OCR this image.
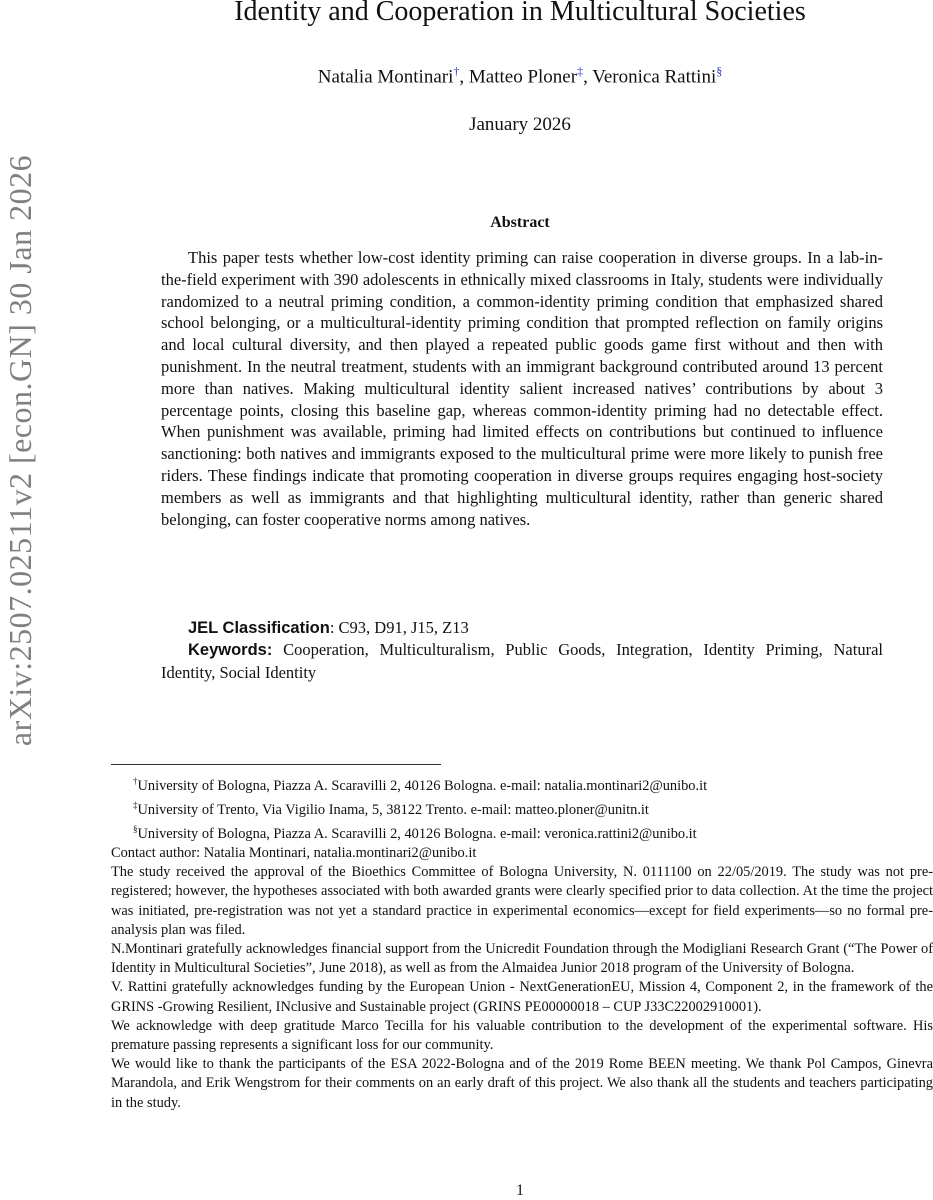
arXiv:2507.02511v2 [econ.GN] 30 Jan 2026
Identity and Cooperation in Multicultural Societies
Natalia Montinari†, Matteo Ploner‡, Veronica Rattini§
January 2026
Abstract

This paper tests whether low-cost identity priming can raise cooperation in diverse groups. In a lab-in-the-field experiment with 390 adolescents in ethnically mixed classrooms in Italy, students were individually randomized to a neutral priming condition, a common-identity priming condition that emphasized shared school belonging, or a multicultural-identity priming condition that prompted reflection on family origins and local cultural diversity, and then played a repeated public goods game first without and then with punishment. In the neutral treatment, students with an immigrant background contributed around 13 percent more than natives. Making multicultural identity salient increased natives’ contributions by about 3 percentage points, closing this baseline gap, whereas common-identity priming had no detectable effect. When punishment was available, priming had limited effects on contributions but continued to influence sanctioning: both natives and immigrants exposed to the multicultural prime were more likely to punish free riders. These findings indicate that promoting cooperation in diverse groups requires engaging host-society members as well as immigrants and that highlighting multicultural identity, rather than generic shared belonging, can foster cooperative norms among natives.

JEL Classification: C93, D91, J15, Z13

Keywords: Cooperation, Multiculturalism, Public Goods, Integration, Identity Priming, Natural Identity, Social Identity

†University of Bologna, Piazza A. Scaravilli 2, 40126 Bologna. e-mail: natalia.montinari2@unibo.it
‡University of Trento, Via Vigilio Inama, 5, 38122 Trento. e-mail: matteo.ploner@unitn.it
§University of Bologna, Piazza A. Scaravilli 2, 40126 Bologna. e-mail: veronica.rattini2@unibo.it
Contact author: Natalia Montinari, natalia.montinari2@unibo.it
The study received the approval of the Bioethics Committee of Bologna University, N. 0111100 on 22/05/2019. The study was not pre-registered; however, the hypotheses associated with both awarded grants were clearly specified prior to data collection. At the time the project was initiated, pre-registration was not yet a standard practice in experimental economics—except for field experiments—so no formal pre-analysis plan was filed.
N.Montinari gratefully acknowledges financial support from the Unicredit Foundation through the Modigliani Research Grant (“The Power of Identity in Multicultural Societies”, June 2018), as well as from the Almaidea Junior 2018 program of the University of Bologna.
V. Rattini gratefully acknowledges funding by the European Union - NextGenerationEU, Mission 4, Component 2, in the framework of the GRINS -Growing Resilient, INclusive and Sustainable project (GRINS PE00000018 – CUP J33C22002910001).
We acknowledge with deep gratitude Marco Tecilla for his valuable contribution to the development of the experimental software. His premature passing represents a significant loss for our community.
We would like to thank the participants of the ESA 2022-Bologna and of the 2019 Rome BEEN meeting. We thank Pol Campos, Ginevra Marandola, and Erik Wengstrom for their comments on an early draft of this project. We also thank all the students and teachers participating in the study.
1
